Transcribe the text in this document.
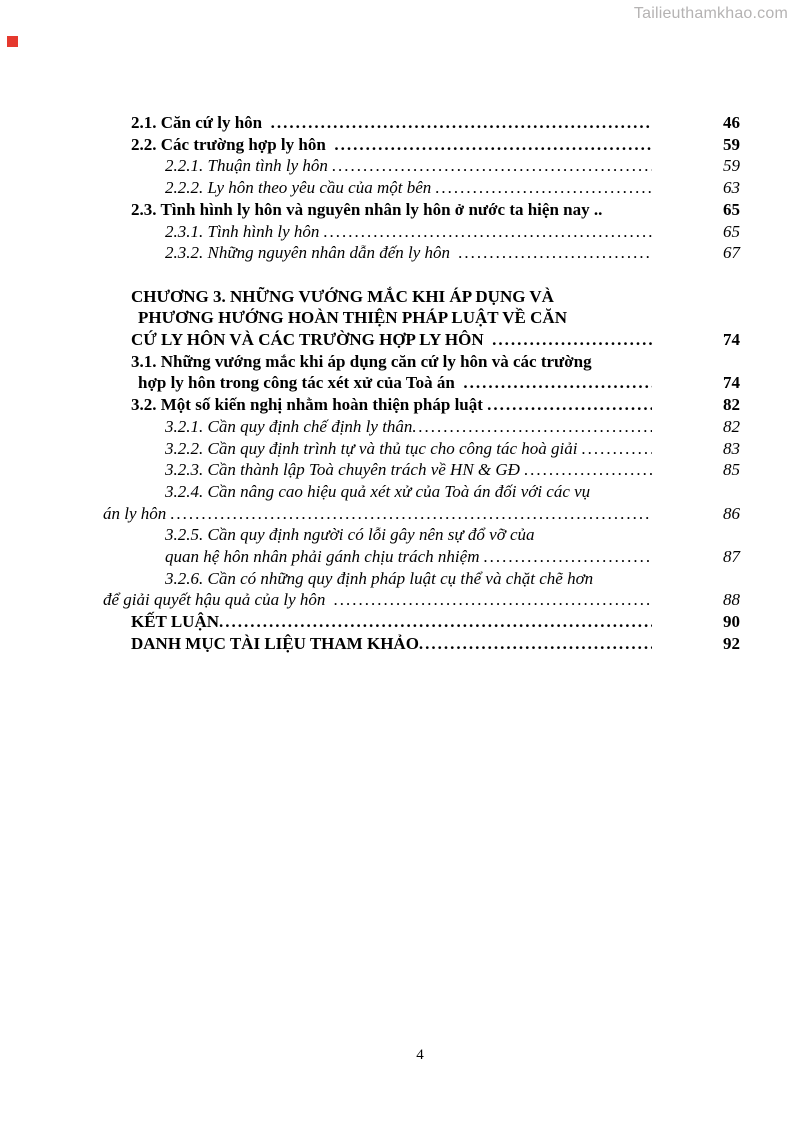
Tailieuthamkhao.com
2.1. Căn cứ ly hôn .....	46
2.2. Các trường hợp ly hôn .....	59
2.2.1. Thuận tình ly hôn .....	59
2.2.2. Ly hôn theo yêu cầu của một bên .....	63
2.3. Tình hình ly hôn và nguyên nhân ly hôn ở nước ta hiện nay ..	65
2.3.1. Tình hình ly hôn .....	65
2.3.2. Những nguyên nhân dẫn đến ly hôn .....	67
CHƯƠNG 3. NHỮNG VƯỚNG MẮC KHI ÁP DỤNG VÀ
PHƯƠNG HƯỚNG HOÀN THIỆN PHÁP LUẬT VỀ CĂN
CỨ LY HÔN VÀ CÁC TRƯỜNG HỢP LY HÔN .....	74
3.1. Những vướng mắc khi áp dụng căn cứ ly hôn và các trường
hợp ly hôn trong công tác xét xử của Toà án .....	74
3.2. Một số kiến nghị nhằm hoàn thiện pháp luật .....	82
3.2.1. Cần quy định chế định ly thân .....	82
3.2.2. Cần quy định trình tự và thủ tục cho công tác hoà giải .....	83
3.2.3. Cần thành lập Toà chuyên trách về HN & GĐ .....	85
3.2.4. Cần nâng cao hiệu quả xét xử của Toà án đối với các vụ
án ly hôn .....	86
3.2.5. Cần quy định người có lỗi gây nên sự đổ vỡ của
quan hệ hôn nhân phải gánh chịu trách nhiệm .....	87
3.2.6. Cần có những quy định pháp luật cụ thể và chặt chẽ hơn
để giải quyết hậu quả của ly hôn .....	88
KẾT LUẬN .....	90
DANH MỤC TÀI LIỆU THAM KHẢO .....	92
4
